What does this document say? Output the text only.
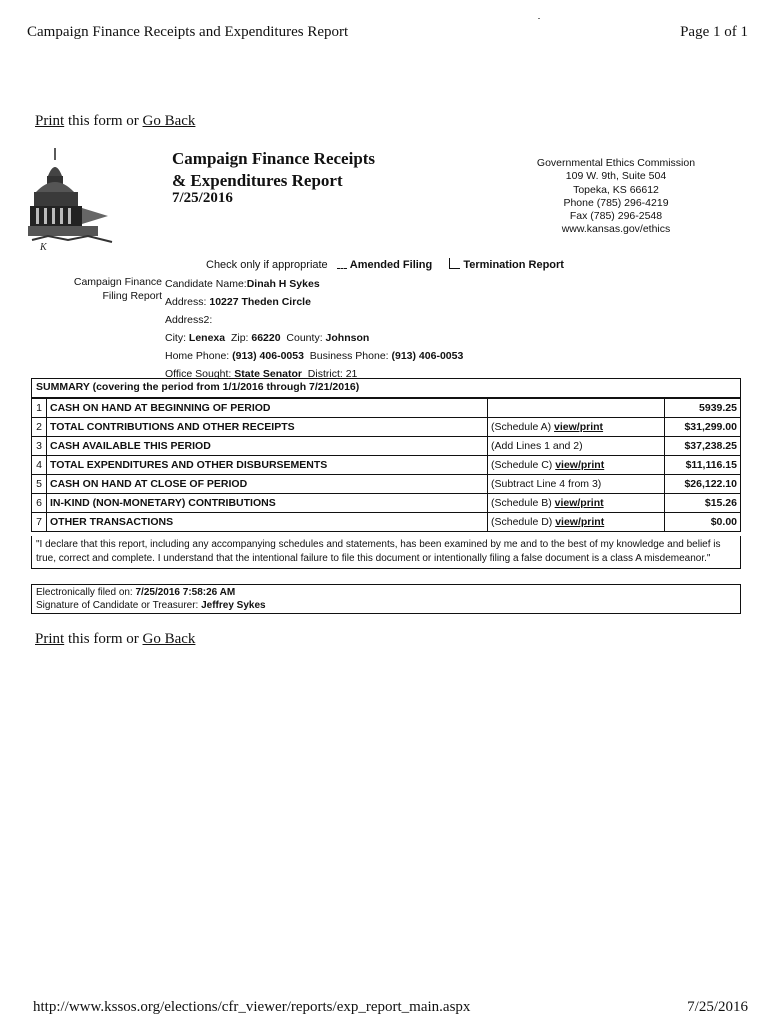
Campaign Finance Receipts and Expenditures Report	Page 1 of 1
Print this form or Go Back
K
Campaign Finance Receipts
& Expenditures Report
7/25/2016
Governmental Ethics Commission
109 W. 9th, Suite 504
Topeka, KS 66612
Phone (785) 296-4219
Fax (785) 296-2548
www.kansas.gov/ethics
Check only if appropriate Amended Filing	Termination Report
Campaign Finance
Filing Report
Candidate Name:Dinah H Sykes
Address: 10227 Theden Circle
Address2:
City: Lenexa Zip: 66220 County: Johnson
Home Phone: (913) 406-0053 Business Phone: (913) 406-0053
Office Sought: State Senator District: 21
SUMMARY (covering the period from 1/1/2016 through 7/21/2016)
1	CASH ON HAND AT BEGINNING OF PERIOD		5939.25
2	TOTAL CONTRIBUTIONS AND OTHER RECEIPTS	(Schedule A) view/print	$31,299.00
3	CASH AVAILABLE THIS PERIOD	(Add Lines 1 and 2)	$37,238.25
4	TOTAL EXPENDITURES AND OTHER DISBURSEMENTS	(Schedule C) view/print	$11,116.15
5	CASH ON HAND AT CLOSE OF PERIOD	(Subtract Line 4 from 3)	$26,122.10
6	IN-KIND (NON-MONETARY) CONTRIBUTIONS	(Schedule B) view/print	$15.26
7	OTHER TRANSACTIONS	(Schedule D) view/print	$0.00
"I declare that this report, including any accompanying schedules and statements, has been examined by me and to the best of my knowledge and belief is true, correct and complete. I understand that the intentional failure to file this document or intentionally filing a false document is a class A misdemeanor."
Electronically filed on: 7/25/2016 7:58:26 AM
Signature of Candidate or Treasurer: Jeffrey Sykes
Print this form or Go Back
http://www.kssos.org/elections/cfr_viewer/reports/exp_report_main.aspx	7/25/2016
